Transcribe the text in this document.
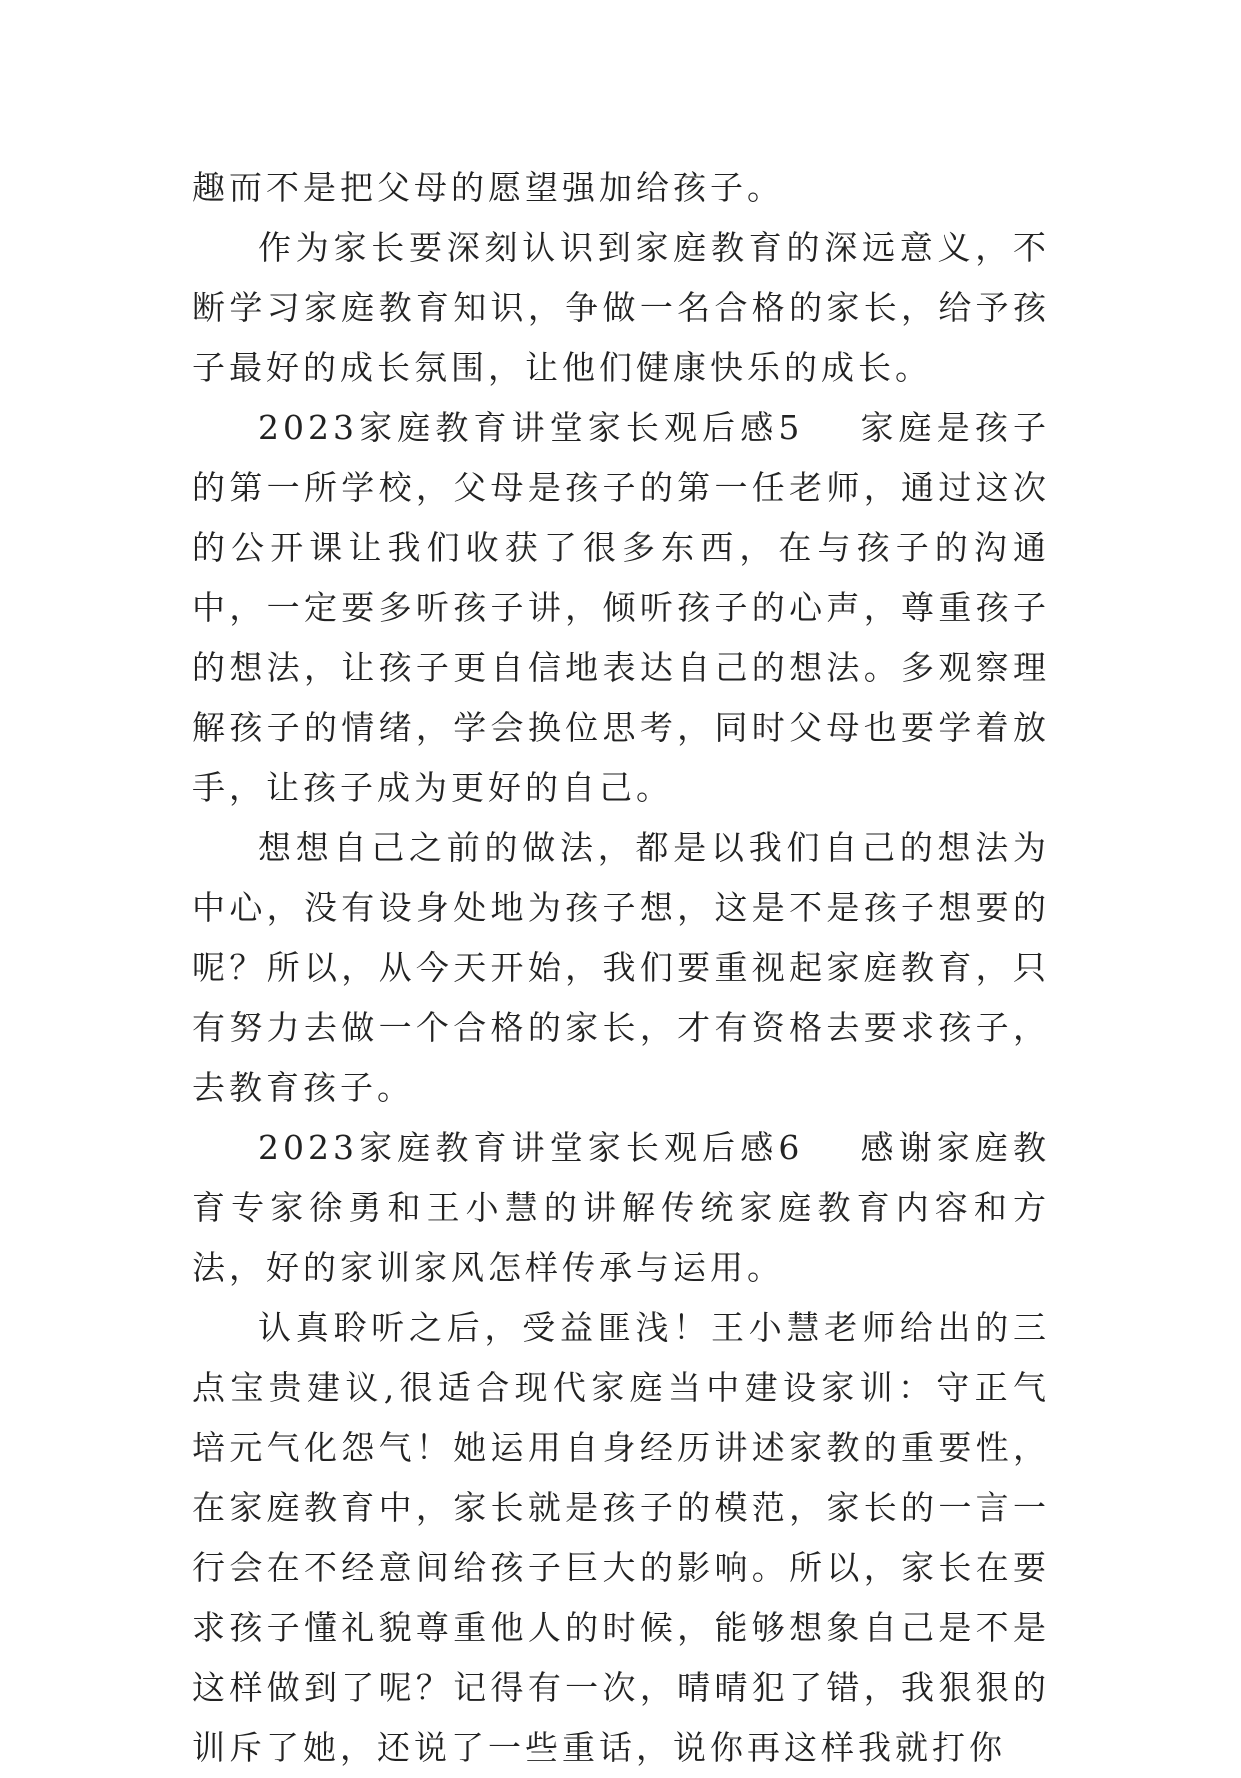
趣而不是把父母的愿望强加给孩子。

作为家长要深刻认识到家庭教育的深远意义，不断学习家庭教育知识，争做一名合格的家长，给予孩子最好的成长氛围，让他们健康快乐的成长。

2023家庭教育讲堂家长观后感5 家庭是孩子的第一所学校，父母是孩子的第一任老师，通过这次的公开课让我们收获了很多东西，在与孩子的沟通中，一定要多听孩子讲，倾听孩子的心声，尊重孩子的想法，让孩子更自信地表达自己的想法。多观察理解孩子的情绪，学会换位思考，同时父母也要学着放手，让孩子成为更好的自己。

想想自己之前的做法，都是以我们自己的想法为中心，没有设身处地为孩子想，这是不是孩子想要的呢？所以，从今天开始，我们要重视起家庭教育，只有努力去做一个合格的家长，才有资格去要求孩子，去教育孩子。

2023家庭教育讲堂家长观后感6 感谢家庭教育专家徐勇和王小慧的讲解传统家庭教育内容和方法，好的家训家风怎样传承与运用。

认真聆听之后，受益匪浅！王小慧老师给出的三点宝贵建议,很适合现代家庭当中建设家训：守正气培元气化怨气！她运用自身经历讲述家教的重要性，在家庭教育中，家长就是孩子的模范，家长的一言一行会在不经意间给孩子巨大的影响。所以，家长在要求孩子懂礼貌尊重他人的时候，能够想象自己是不是这样做到了呢？记得有一次，晴晴犯了错，我狠狠的训斥了她，还说了一些重话，说你再这样我就打你
